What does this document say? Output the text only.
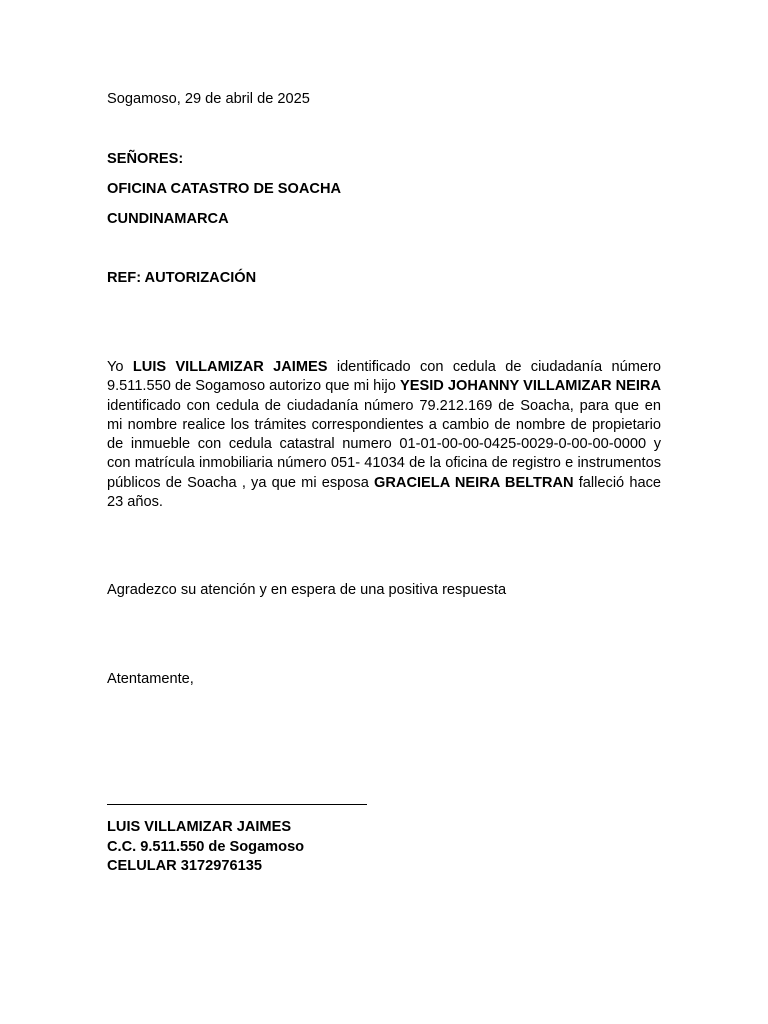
Sogamoso, 29 de abril de 2025
SEÑORES:
OFICINA CATASTRO DE SOACHA
CUNDINAMARCA
REF: AUTORIZACIÓN
Yo LUIS VILLAMIZAR JAIMES identificado con cedula de ciudadanía número 9.511.550 de Sogamoso autorizo que mi hijo YESID JOHANNY VILLAMIZAR NEIRA identificado con cedula de ciudadanía número 79.212.169 de Soacha, para que en mi nombre realice los trámites correspondientes a cambio de nombre de propietario de inmueble con cedula catastral numero 01-01-00-00-0425-0029-0-00-00-0000 y con matrícula inmobiliaria número 051- 41034 de la oficina de registro e instrumentos públicos de Soacha , ya que mi esposa GRACIELA NEIRA BELTRAN falleció hace 23 años.
Agradezco su atención y en espera de una positiva respuesta
Atentamente,
LUIS VILLAMIZAR JAIMES
C.C. 9.511.550 de Sogamoso
CELULAR 3172976135
